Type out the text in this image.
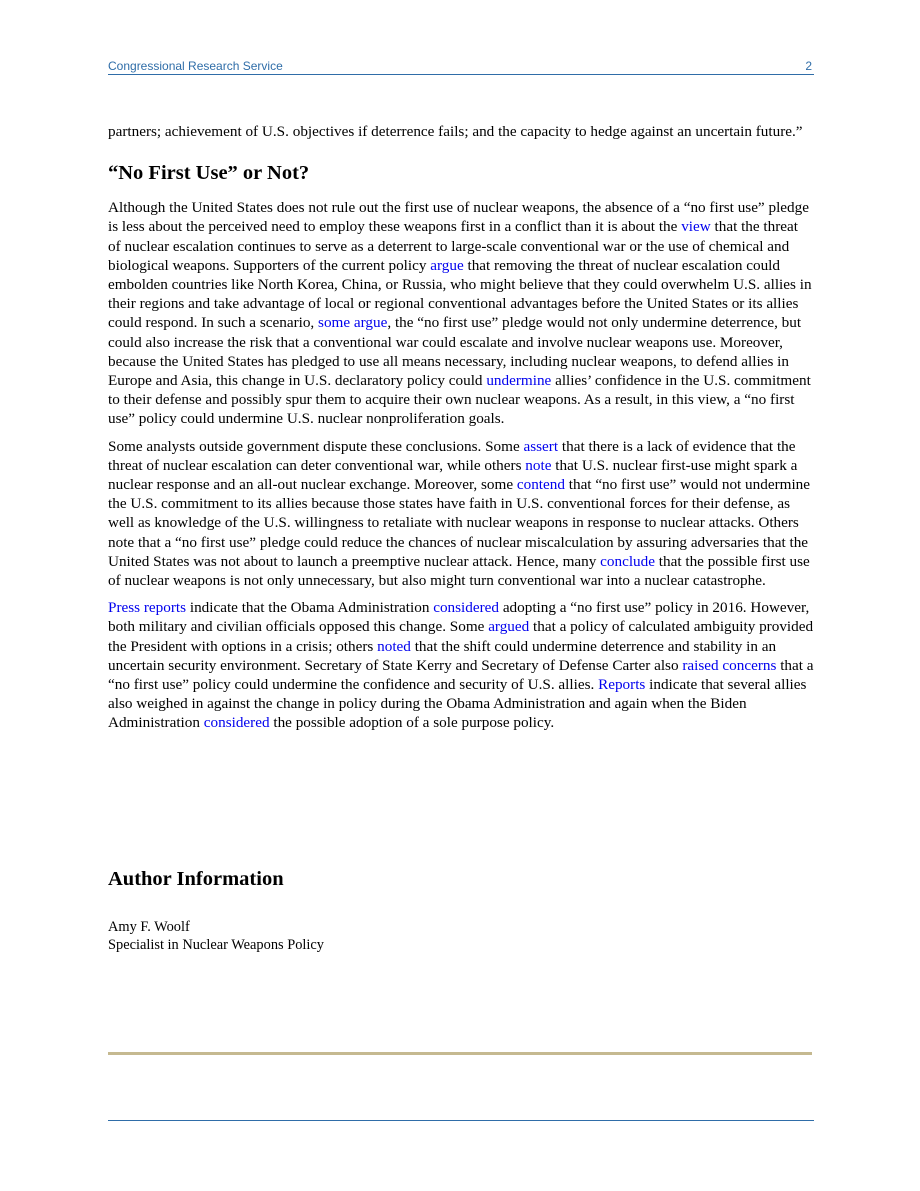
Congressional Research Service	2

partners; achievement of U.S. objectives if deterrence fails; and the capacity to hedge against an uncertain future.”

“No First Use” or Not?

Although the United States does not rule out the first use of nuclear weapons, the absence of a “no first use” pledge is less about the perceived need to employ these weapons first in a conflict than it is about the view that the threat of nuclear escalation continues to serve as a deterrent to large-scale conventional war or the use of chemical and biological weapons. Supporters of the current policy argue that removing the threat of nuclear escalation could embolden countries like North Korea, China, or Russia, who might believe that they could overwhelm U.S. allies in their regions and take advantage of local or regional conventional advantages before the United States or its allies could respond. In such a scenario, some argue, the “no first use” pledge would not only undermine deterrence, but could also increase the risk that a conventional war could escalate and involve nuclear weapons use. Moreover, because the United States has pledged to use all means necessary, including nuclear weapons, to defend allies in Europe and Asia, this change in U.S. declaratory policy could undermine allies’ confidence in the U.S. commitment to their defense and possibly spur them to acquire their own nuclear weapons. As a result, in this view, a “no first use” policy could undermine U.S. nuclear nonproliferation goals.

Some analysts outside government dispute these conclusions. Some assert that there is a lack of evidence that the threat of nuclear escalation can deter conventional war, while others note that U.S. nuclear first-use might spark a nuclear response and an all-out nuclear exchange. Moreover, some contend that “no first use” would not undermine the U.S. commitment to its allies because those states have faith in U.S. conventional forces for their defense, as well as knowledge of the U.S. willingness to retaliate with nuclear weapons in response to nuclear attacks. Others note that a “no first use” pledge could reduce the chances of nuclear miscalculation by assuring adversaries that the United States was not about to launch a preemptive nuclear attack. Hence, many conclude that the possible first use of nuclear weapons is not only unnecessary, but also might turn conventional war into a nuclear catastrophe.

Press reports indicate that the Obama Administration considered adopting a “no first use” policy in 2016. However, both military and civilian officials opposed this change. Some argued that a policy of calculated ambiguity provided the President with options in a crisis; others noted that the shift could undermine deterrence and stability in an uncertain security environment. Secretary of State Kerry and Secretary of Defense Carter also raised concerns that a “no first use” policy could undermine the confidence and security of U.S. allies. Reports indicate that several allies also weighed in against the change in policy during the Obama Administration and again when the Biden Administration considered the possible adoption of a sole purpose policy.

Author Information
Amy F. Woolf
Specialist in Nuclear Weapons Policy
